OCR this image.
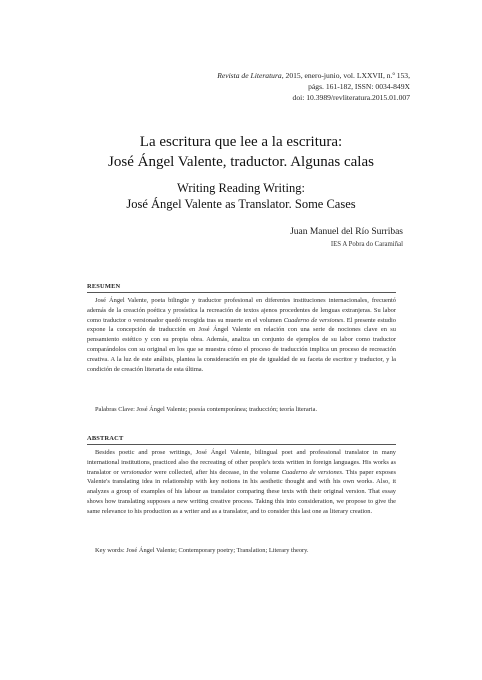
Revista de Literatura, 2015, enero-junio, vol. LXXVII, n.º 153,
págs. 161-182, ISSN: 0034-849X
doi: 10.3989/revliteratura.2015.01.007
La escritura que lee a la escritura:
José Ángel Valente, traductor. Algunas calas
Writing Reading Writing:
José Ángel Valente as Translator. Some Cases
Juan Manuel del Río Surribas
IES A Pobra do Caramiñal
RESUMEN
José Ángel Valente, poeta bilingüe y traductor profesional en diferentes instituciones internacionales, frecuentó además de la creación poética y prosística la recreación de textos ajenos procedentes de lenguas extranjeras. Su labor como traductor o versionador quedó recogida tras su muerte en el volumen Cuaderno de versiones. El presente estudio expone la concepción de traducción en José Ángel Valente en relación con una serie de nociones clave en su pensamiento estético y con su propia obra. Además, analiza un conjunto de ejemplos de su labor como traductor comparándolos con su original en los que se muestra cómo el proceso de traducción implica un proceso de recreación creativa. A la luz de este análisis, plantea la consideración en pie de igualdad de su faceta de escritor y traductor, y la condición de creación literaria de esta última.
Palabras Clave: José Ángel Valente; poesía contemporánea; traducción; teoría literaria.
ABSTRACT
Besides poetic and prose writings, José Ángel Valente, bilingual poet and professional translator in many international institutions, practiced also the recreating of other people's texts written in foreign languages. His works as translator or versionador were collected, after his decease, in the volume Cuaderno de versiones. This paper exposes Valente's translating idea in relationship with key notions in his aesthetic thought and with his own works. Also, it analyzes a group of examples of his labour as translator comparing these texts with their original version. That essay shows how translating supposes a new writing creative process. Taking this into consideration, we propose to give the same relevance to his production as a writer and as a translator, and to consider this last one as literary creation.
Key words: José Ángel Valente; Contemporary poetry; Translation; Literary theory.
